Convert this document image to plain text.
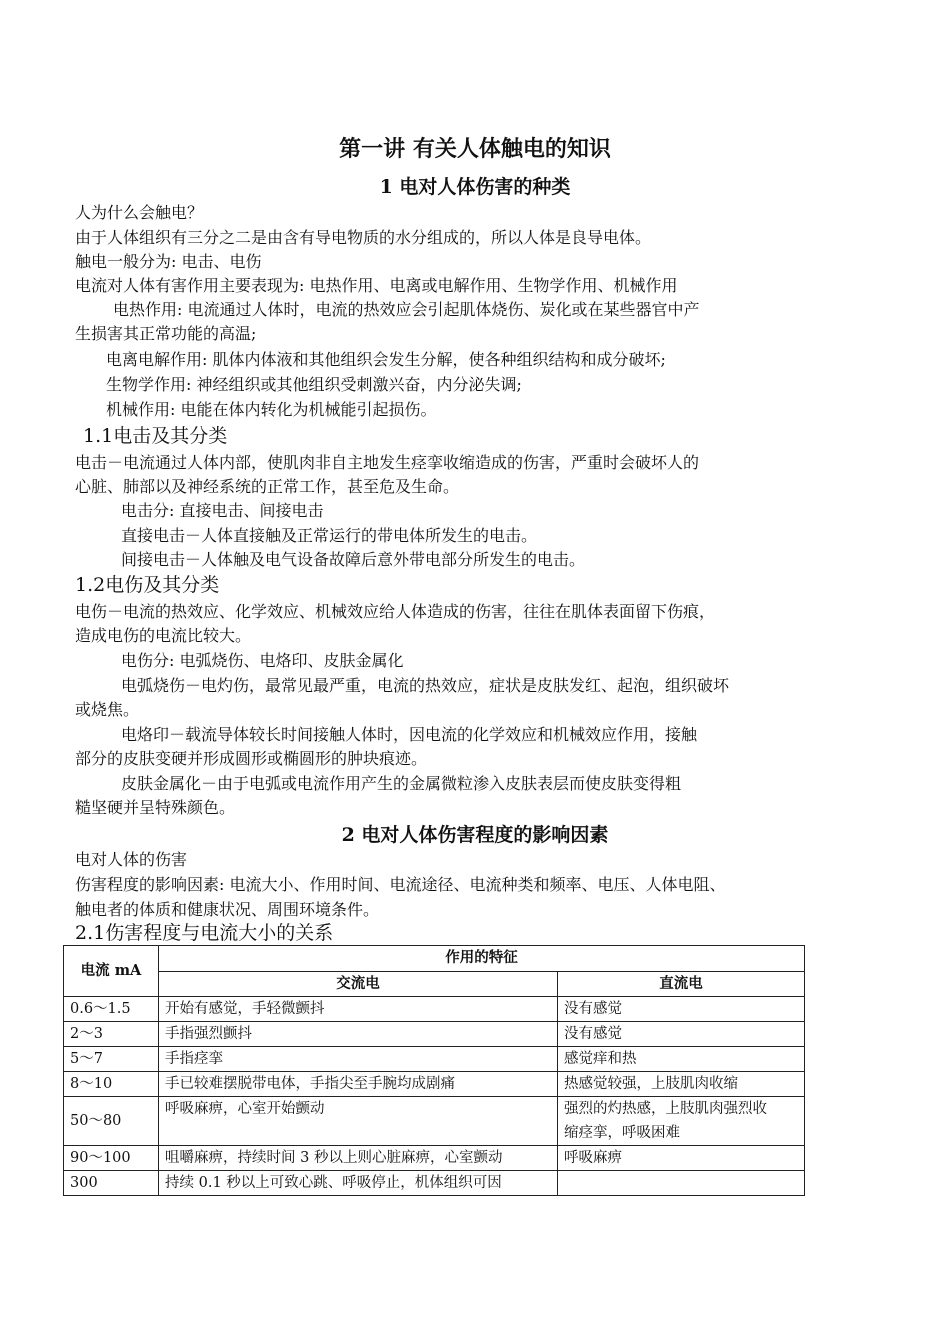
第一讲 有关人体触电的知识
1 电对人体伤害的种类
人为什么会触电？
由于人体组织有三分之二是由含有导电物质的水分组成的，所以人体是良导电体。
触电一般分为: 电击、电伤
电流对人体有害作用主要表现为: 电热作用、电离或电解作用、生物学作用、机械作用
电热作用: 电流通过人体时，电流的热效应会引起肌体烧伤、炭化或在某些器官中产
生损害其正常功能的高温;
电离电解作用: 肌体内体液和其他组织会发生分解，使各种组织结构和成分破坏;
生物学作用: 神经组织或其他组织受刺激兴奋，内分泌失调;
机械作用: 电能在体内转化为机械能引起损伤。
1.1电击及其分类
电击－电流通过人体内部，使肌肉非自主地发生痉挛收缩造成的伤害，严重时会破坏人的
心脏、肺部以及神经系统的正常工作，甚至危及生命。
电击分: 直接电击、间接电击
直接电击－人体直接触及正常运行的带电体所发生的电击。
间接电击－人体触及电气设备故障后意外带电部分所发生的电击。
1.2电伤及其分类
电伤－电流的热效应、化学效应、机械效应给人体造成的伤害，往往在肌体表面留下伤痕，
造成电伤的电流比较大。
电伤分: 电弧烧伤、电烙印、皮肤金属化
电弧烧伤－电灼伤，最常见最严重，电流的热效应，症状是皮肤发红、起泡，组织破坏
或烧焦。
电烙印－载流导体较长时间接触人体时，因电流的化学效应和机械效应作用，接触
部分的皮肤变硬并形成圆形或椭圆形的肿块痕迹。
皮肤金属化－由于电弧或电流作用产生的金属微粒渗入皮肤表层而使皮肤变得粗
糙坚硬并呈特殊颜色。
2 电对人体伤害程度的影响因素
电对人体的伤害
伤害程度的影响因素: 电流大小、作用时间、电流途径、电流种类和频率、电压、人体电阻、
触电者的体质和健康状况、周围环境条件。
2.1伤害程度与电流大小的关系
电流 mA	作用的特征	
	交流电	直流电
0.6～1.5	开始有感觉，手轻微颤抖	没有感觉
2～3	手指强烈颤抖	没有感觉
5～7	手指痉挛	感觉痒和热
8～10	手已较难摆脱带电体，手指尖至手腕均成剧痛	热感觉较强，上肢肌肉收缩
50～80	呼吸麻痹，心室开始颤动	强烈的灼热感，上肢肌肉强烈收
缩痉挛，呼吸困难

90～100	咀嚼麻痹，持续时间 3 秒以上则心脏麻痹，心室颤动	呼吸麻痹
300	持续 0.1 秒以上可致心跳、呼吸停止，机体组织可因	
